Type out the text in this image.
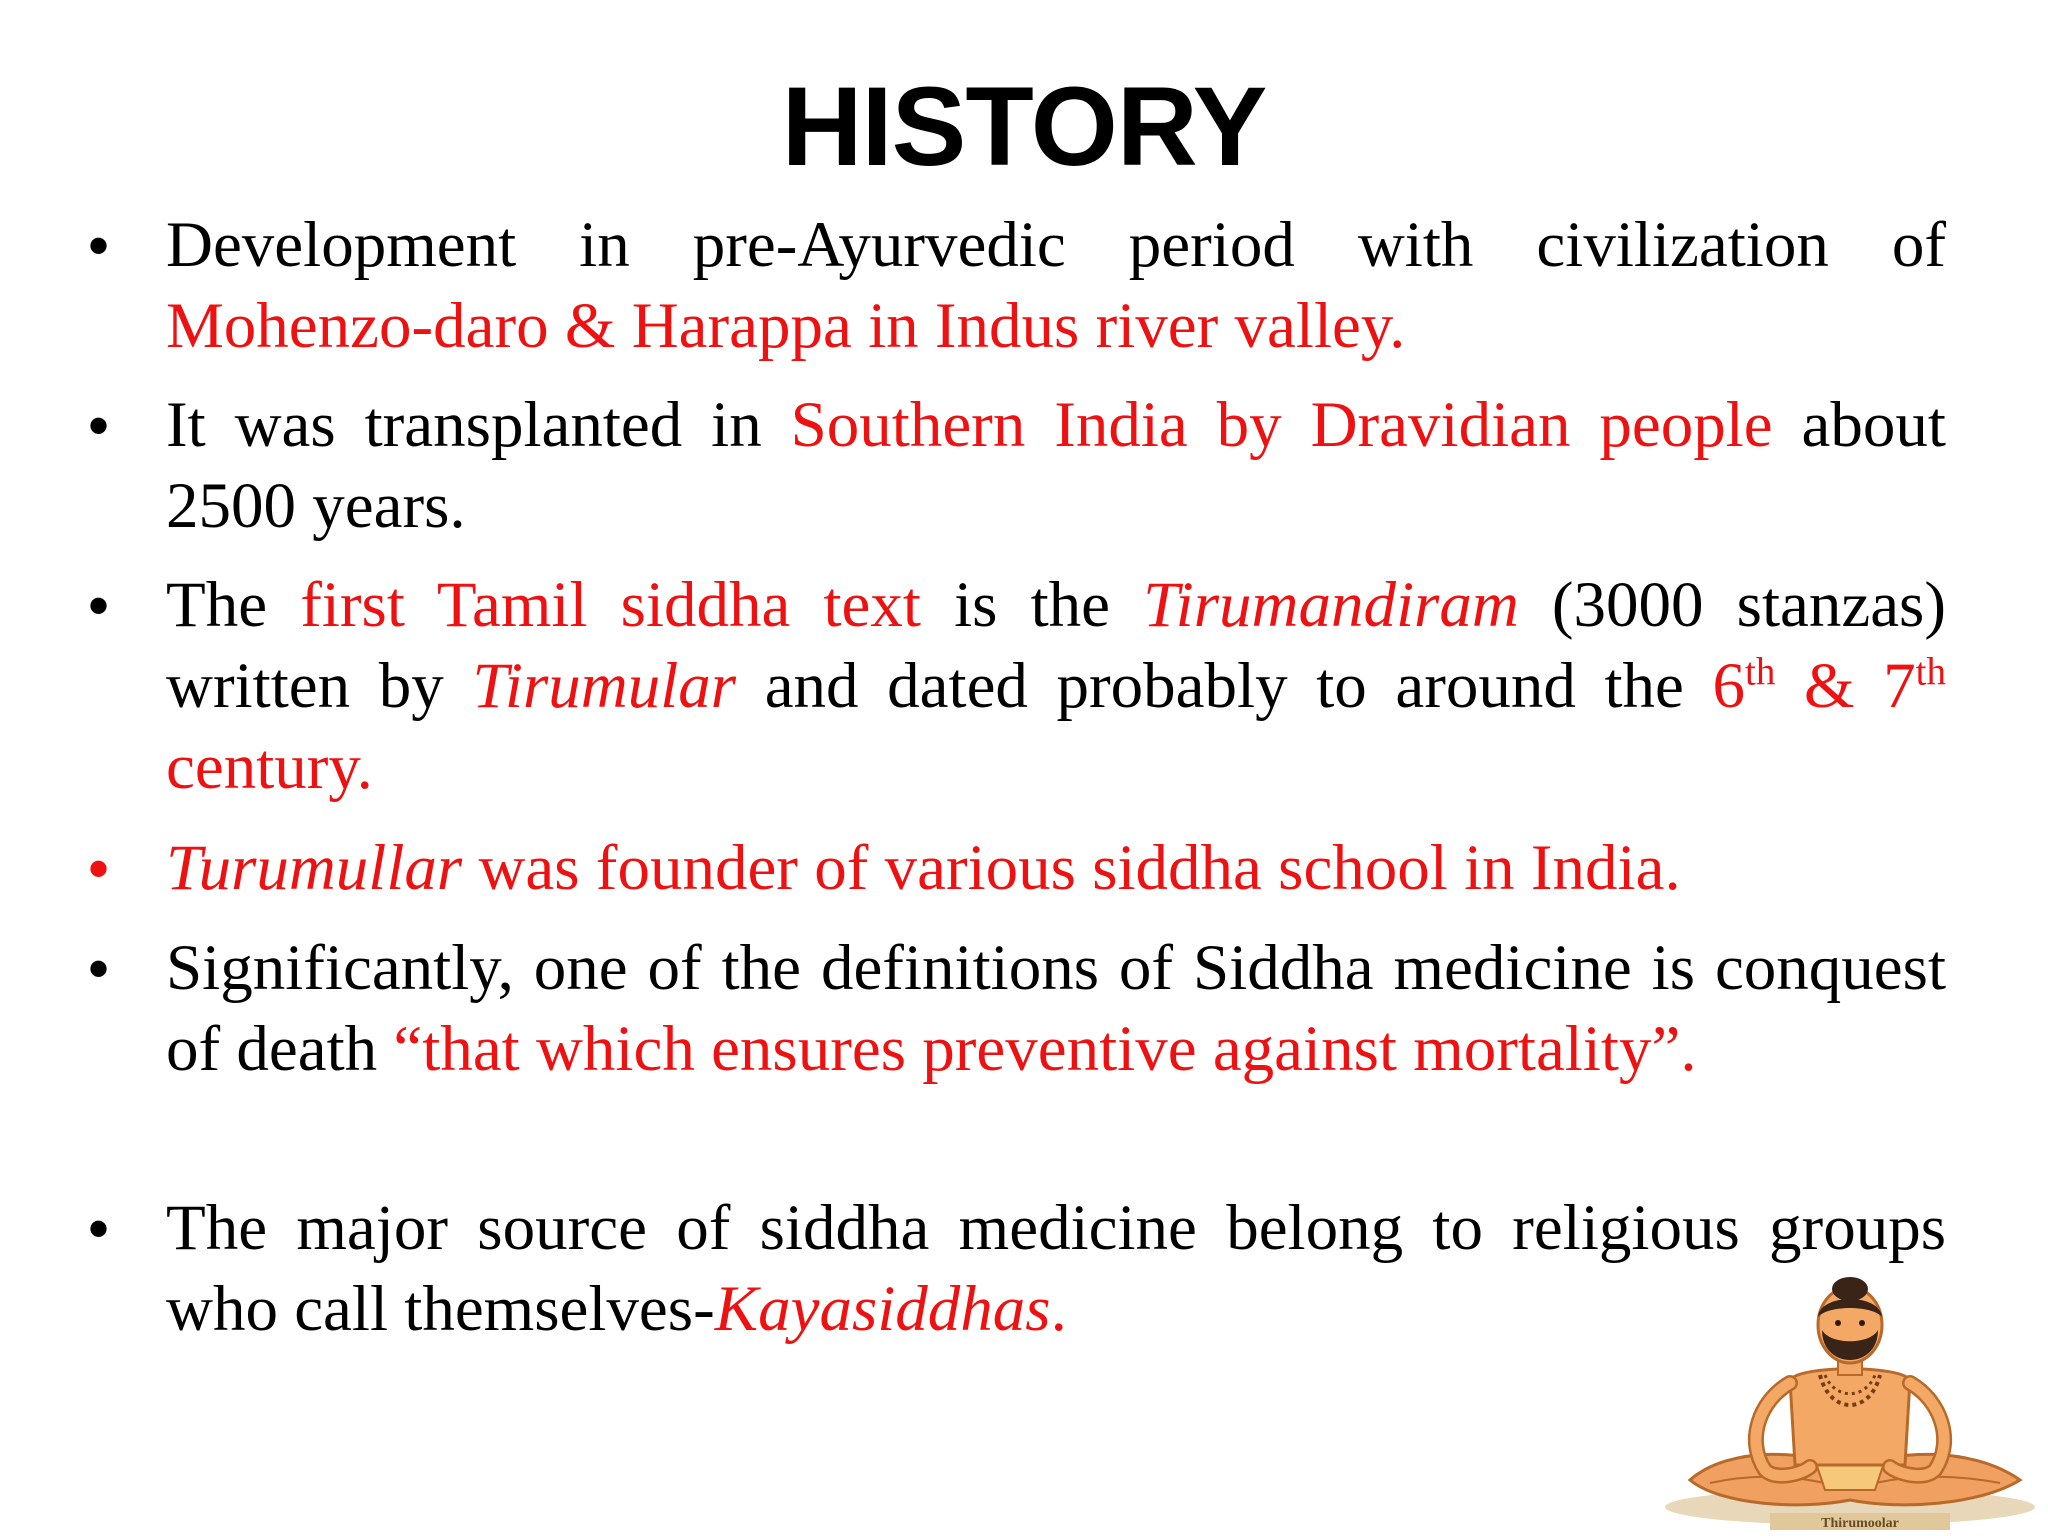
HISTORY
• Development in pre-Ayurvedic period with civilization of Mohenzo-daro & Harappa in Indus river valley.
• It was transplanted in Southern India by Dravidian people about 2500 years.
• The first Tamil siddha text is the Tirumandiram (3000 stanzas) written by Tirumular and dated probably to around the 6th & 7th century.
• Turumullar was founder of various siddha school in India.
• Significantly, one of the definitions of Siddha medicine is conquest of death “that which ensures preventive against mortality”.
• The major source of siddha medicine belong to religious groups who call themselves-Kayasiddhas.
Thirumoolar
